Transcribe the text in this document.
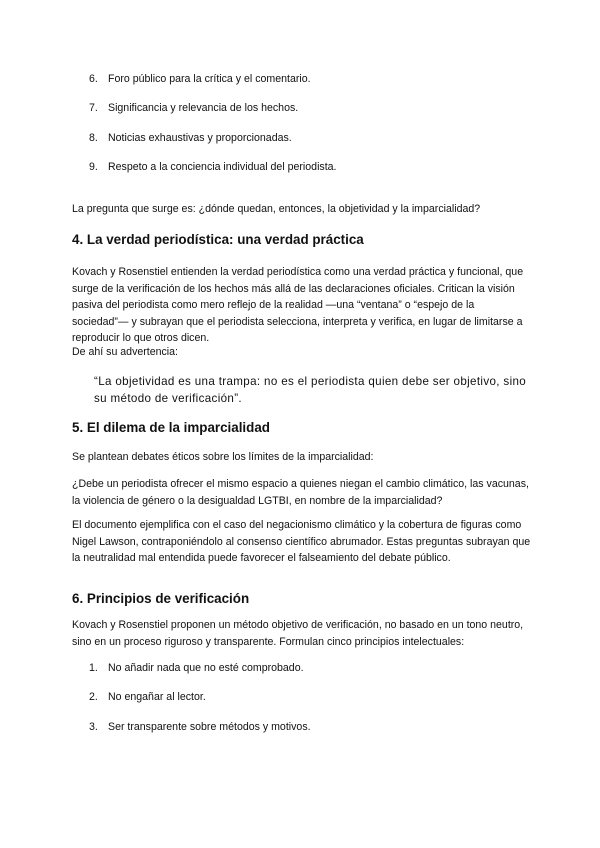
6. Foro público para la crítica y el comentario.
7. Significancia y relevancia de los hechos.
8. Noticias exhaustivas y proporcionadas.
9. Respeto a la conciencia individual del periodista.

La pregunta que surge es: ¿dónde quedan, entonces, la objetividad y la imparcialidad?

4. La verdad periodística: una verdad práctica

Kovach y Rosenstiel entienden la verdad periodística como una verdad práctica y funcional, que surge de la verificación de los hechos más allá de las declaraciones oficiales. Critican la visión pasiva del periodista como mero reflejo de la realidad —una “ventana” o “espejo de la sociedad”— y subrayan que el periodista selecciona, interpreta y verifica, en lugar de limitarse a reproducir lo que otros dicen.

De ahí su advertencia:

“La objetividad es una trampa: no es el periodista quien debe ser objetivo, sino su método de verificación”.

5. El dilema de la imparcialidad

Se plantean debates éticos sobre los límites de la imparcialidad:

¿Debe un periodista ofrecer el mismo espacio a quienes niegan el cambio climático, las vacunas, la violencia de género o la desigualdad LGTBI, en nombre de la imparcialidad?

El documento ejemplifica con el caso del negacionismo climático y la cobertura de figuras como Nigel Lawson, contraponiéndolo al consenso científico abrumador. Estas preguntas subrayan que la neutralidad mal entendida puede favorecer el falseamiento del debate público.

6. Principios de verificación

Kovach y Rosenstiel proponen un método objetivo de verificación, no basado en un tono neutro, sino en un proceso riguroso y transparente. Formulan cinco principios intelectuales:

1. No añadir nada que no esté comprobado.
2. No engañar al lector.
3. Ser transparente sobre métodos y motivos.
